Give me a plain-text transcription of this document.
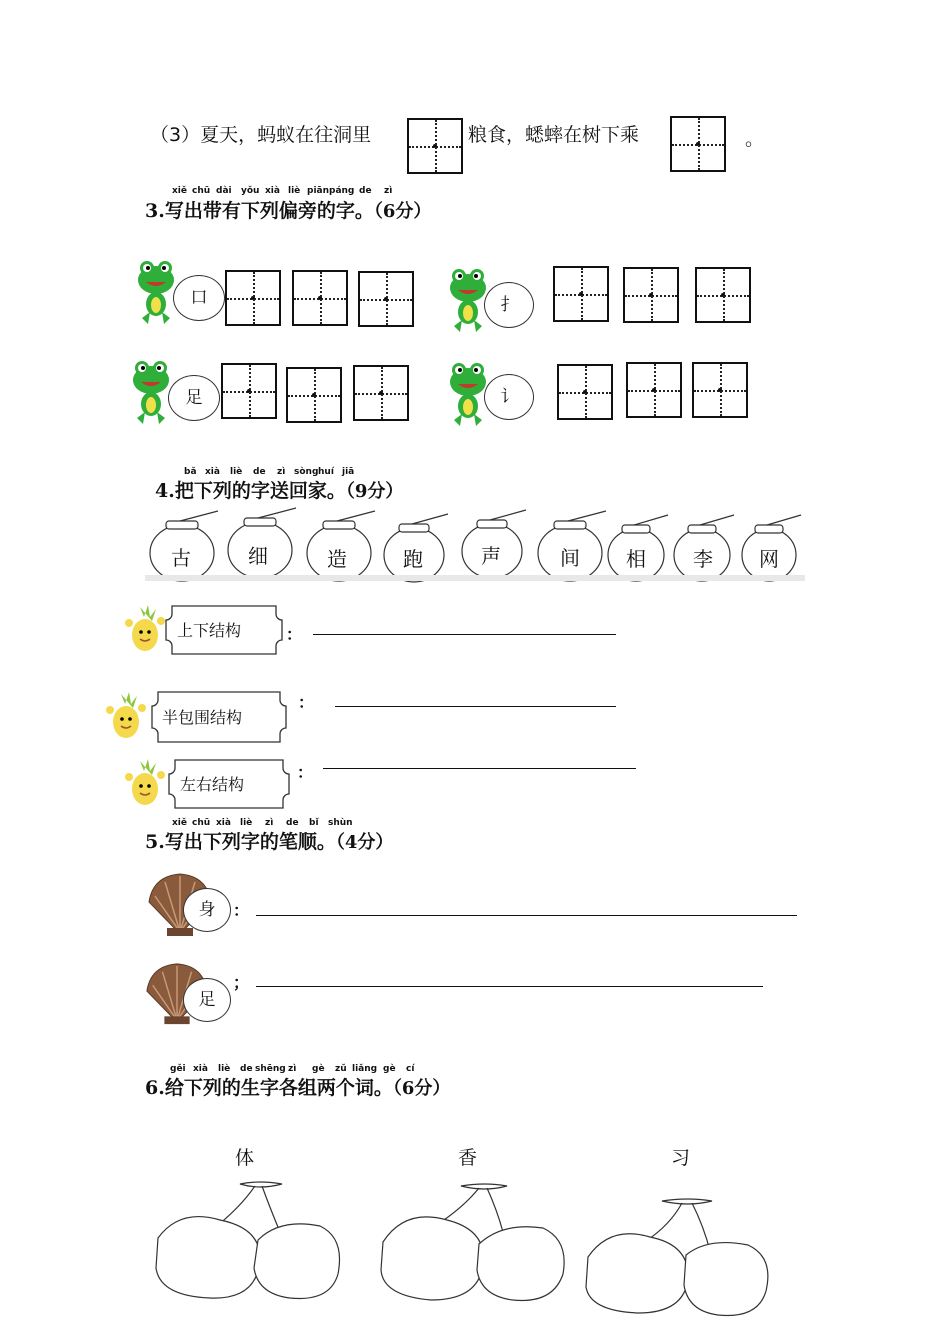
（3）夏天，蚂蚁在往洞里	粮食，蟋蟀在树下乘	。
xiě chū dài yǒu xià liè piānpáng de zì
3.写出带有下列偏旁的字。（6分）
口	扌
足	讠
bǎ xià liè de zì sòng huí jiā
4.把下列的字送回家。（9分）
古	细	造	跑	声	间 相 李 网
上下结构	：
半包围结构
：
左右结构
：
xiě chū xià liè zì de bǐ shùn
5.写出下列字的笔顺。（4分）
身	：
足
；
gěi xià liè de shēng zì gè zǔ liǎng gè cí
6.给下列的生字各组两个词。（6分）
体	香	习
